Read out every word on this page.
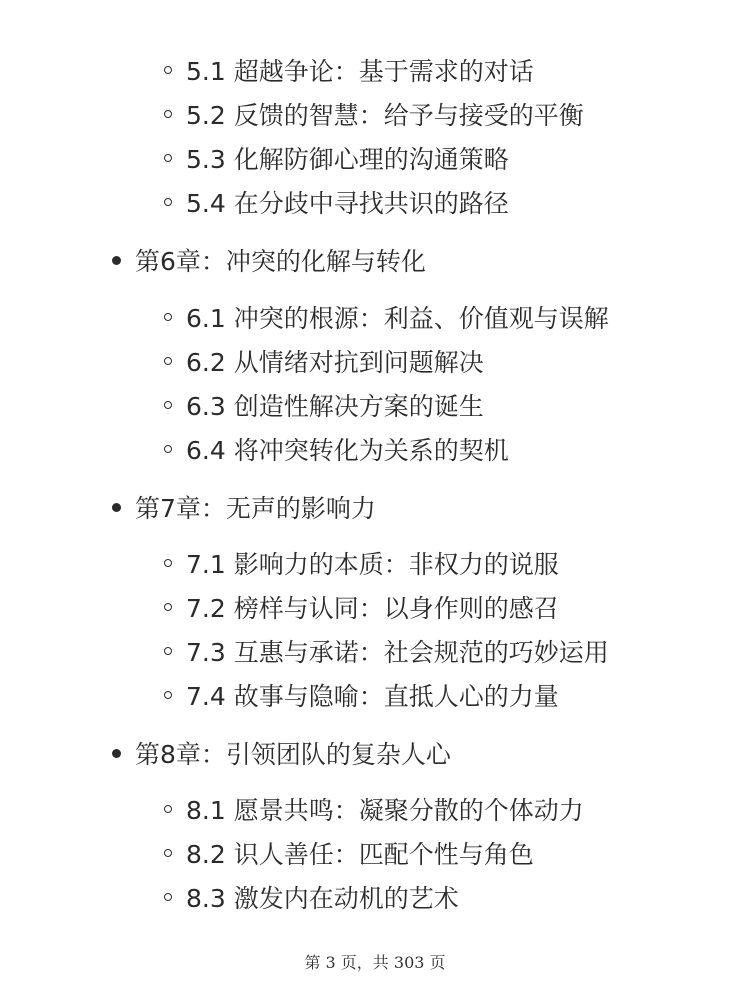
5.1 超越争论：基于需求的对话
5.2 反馈的智慧：给予与接受的平衡
5.3 化解防御心理的沟通策略
5.4 在分歧中寻找共识的路径
第6章：冲突的化解与转化
6.1 冲突的根源：利益、价值观与误解
6.2 从情绪对抗到问题解决
6.3 创造性解决方案的诞生
6.4 将冲突转化为关系的契机
第7章：无声的影响力
7.1 影响力的本质：非权力的说服
7.2 榜样与认同：以身作则的感召
7.3 互惠与承诺：社会规范的巧妙运用
7.4 故事与隐喻：直抵人心的力量
第8章：引领团队的复杂人心
8.1 愿景共鸣：凝聚分散的个体动力
8.2 识人善任：匹配个性与角色
8.3 激发内在动机的艺术
第 3 页，共 303 页
